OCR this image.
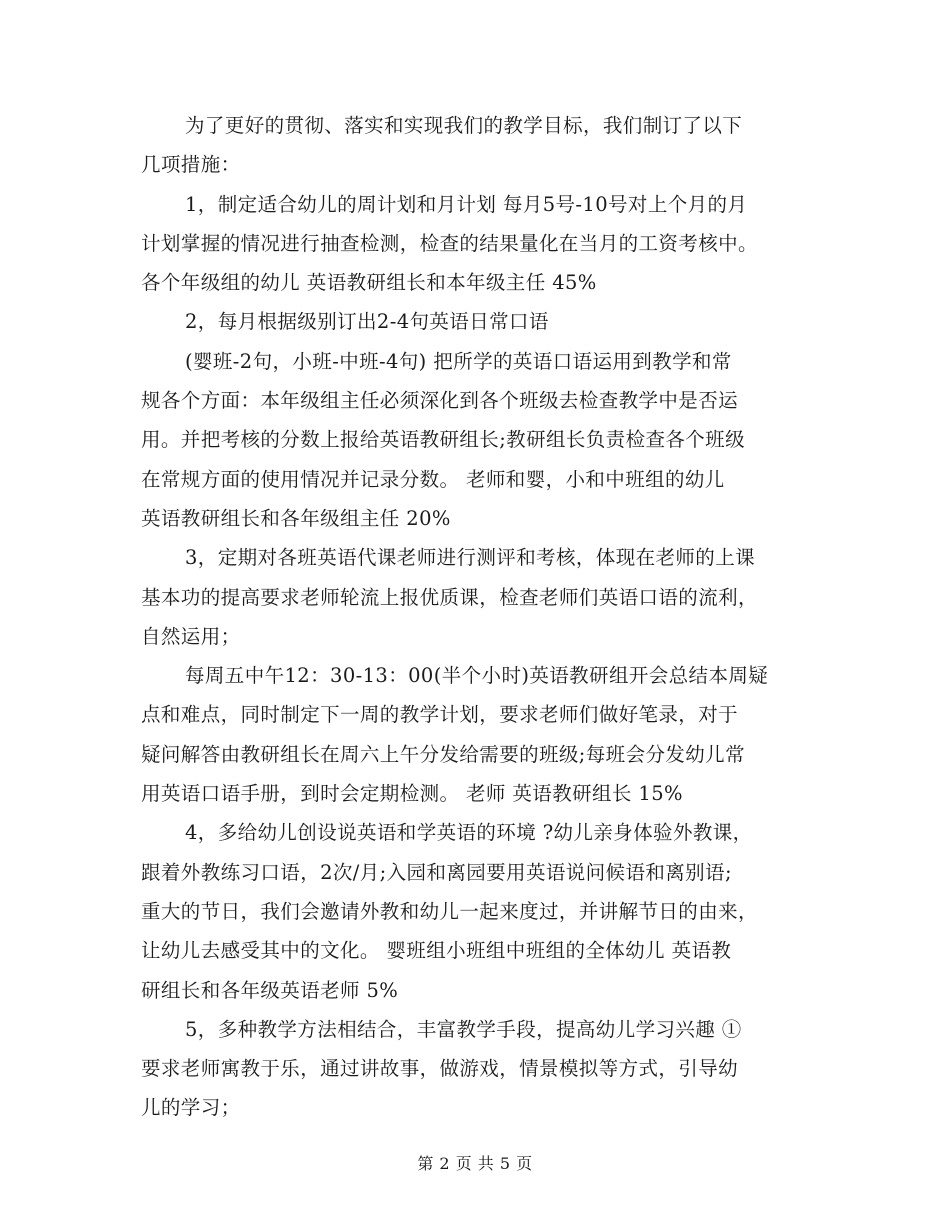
为了更好的贯彻、落实和实现我们的教学目标，我们制订了以下
几项措施：
1，制定适合幼儿的周计划和月计划 每月5号-10号对上个月的月
计划掌握的情况进行抽查检测，检查的结果量化在当月的工资考核中。
各个年级组的幼儿 英语教研组长和本年级主任 45%
2，每月根据级别订出2-4句英语日常口语
(婴班-2句，小班-中班-4句) 把所学的英语口语运用到教学和常
规各个方面：本年级组主任必须深化到各个班级去检查教学中是否运
用。并把考核的分数上报给英语教研组长;教研组长负责检查各个班级
在常规方面的使用情况并记录分数。 老师和婴，小和中班组的幼儿
英语教研组长和各年级组主任 20%
3，定期对各班英语代课老师进行测评和考核，体现在老师的上课
基本功的提高要求老师轮流上报优质课，检查老师们英语口语的流利，
自然运用；
每周五中午12：30-13：00(半个小时)英语教研组开会总结本周疑
点和难点，同时制定下一周的教学计划，要求老师们做好笔录，对于
疑问解答由教研组长在周六上午分发给需要的班级;每班会分发幼儿常
用英语口语手册，到时会定期检测。 老师 英语教研组长 15%
4，多给幼儿创设说英语和学英语的环境 ?幼儿亲身体验外教课，
跟着外教练习口语，2次/月;入园和离园要用英语说问候语和离别语;
重大的节日，我们会邀请外教和幼儿一起来度过，并讲解节日的由来，
让幼儿去感受其中的文化。 婴班组小班组中班组的全体幼儿 英语教
研组长和各年级英语老师 5%
5，多种教学方法相结合，丰富教学手段，提高幼儿学习兴趣 ①
要求老师寓教于乐，通过讲故事，做游戏，情景模拟等方式，引导幼
儿的学习；
第 2 页 共 5 页
